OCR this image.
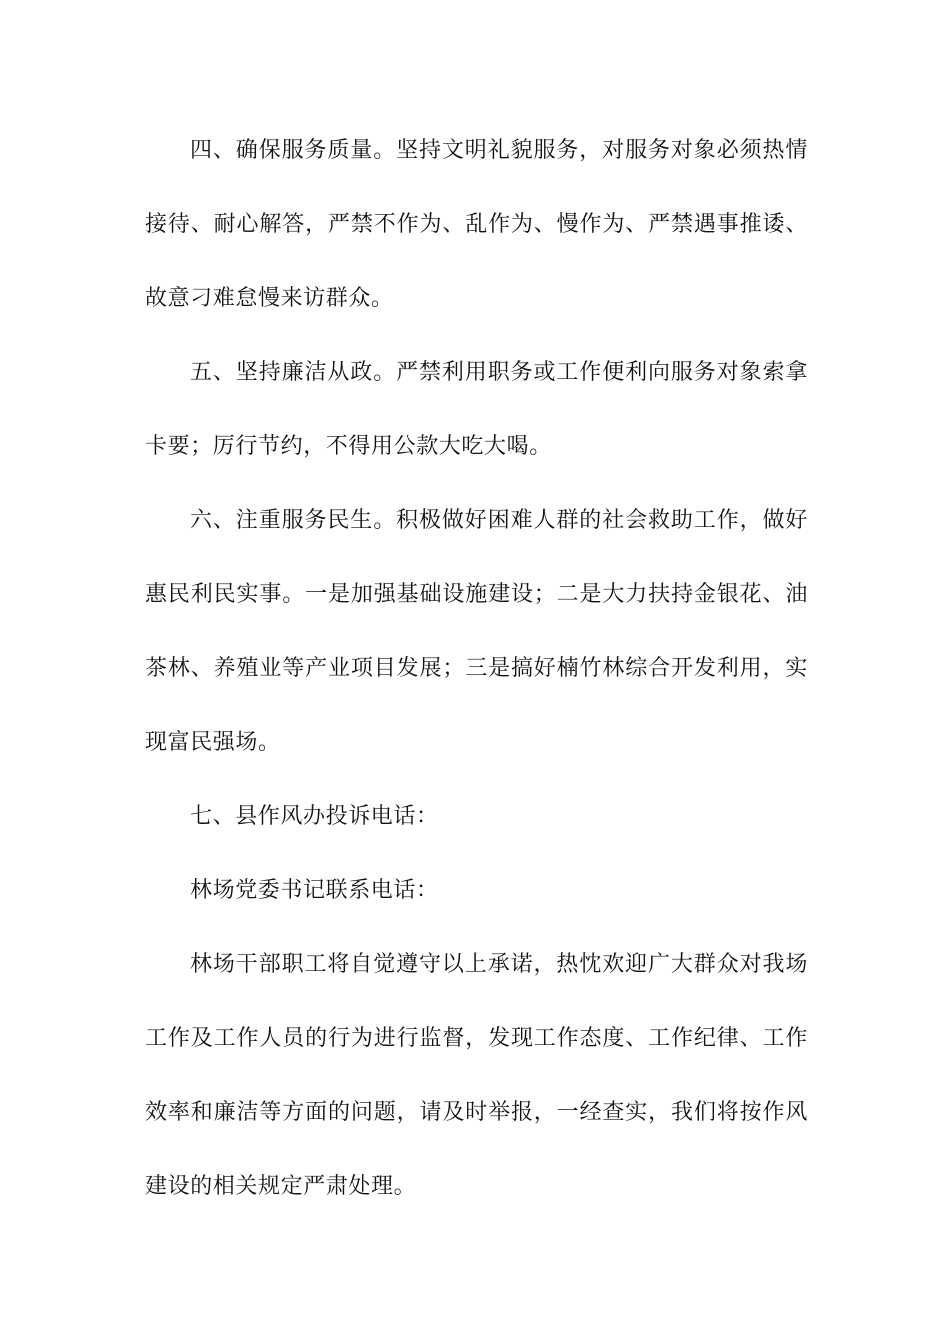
四、确保服务质量。坚持文明礼貌服务，对服务对象必须热情接待、耐心解答，严禁不作为、乱作为、慢作为、严禁遇事推诿、故意刁难怠慢来访群众。

五、坚持廉洁从政。严禁利用职务或工作便利向服务对象索拿卡要；厉行节约，不得用公款大吃大喝。

六、注重服务民生。积极做好困难人群的社会救助工作，做好惠民利民实事。一是加强基础设施建设；二是大力扶持金银花、油茶林、养殖业等产业项目发展；三是搞好楠竹林综合开发利用，实现富民强场。

七、县作风办投诉电话：

林场党委书记联系电话：

林场干部职工将自觉遵守以上承诺，热忱欢迎广大群众对我场工作及工作人员的行为进行监督，发现工作态度、工作纪律、工作效率和廉洁等方面的问题，请及时举报，一经查实，我们将按作风建设的相关规定严肃处理。
